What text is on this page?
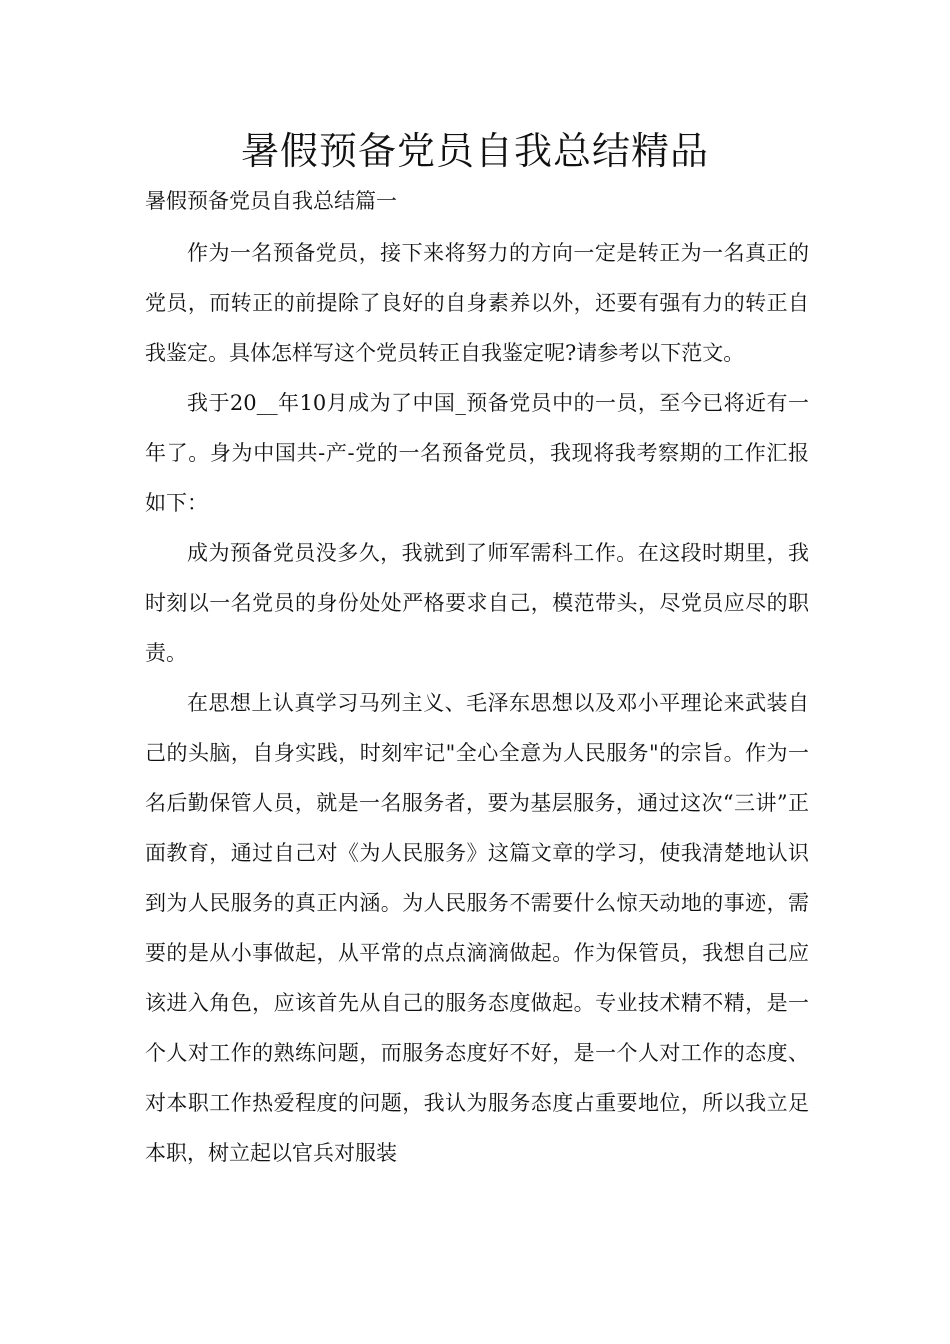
暑假预备党员自我总结精品
暑假预备党员自我总结篇一

作为一名预备党员，接下来将努力的方向一定是转正为一名真正的党员，而转正的前提除了良好的自身素养以外，还要有强有力的转正自我鉴定。具体怎样写这个党员转正自我鉴定呢?请参考以下范文。

我于20__年10月成为了中国_预备党员中的一员，至今已将近有一年了。身为中国共-产-党的一名预备党员，我现将我考察期的工作汇报如下：

成为预备党员没多久，我就到了师军需科工作。在这段时期里，我时刻以一名党员的身份处处严格要求自己，模范带头，尽党员应尽的职责。

在思想上认真学习马列主义、毛泽东思想以及邓小平理论来武装自己的头脑，自身实践，时刻牢记"全心全意为人民服务"的宗旨。作为一名后勤保管人员，就是一名服务者，要为基层服务，通过这次“三讲”正面教育，通过自己对《为人民服务》这篇文章的学习，使我清楚地认识到为人民服务的真正内涵。为人民服务不需要什么惊天动地的事迹，需要的是从小事做起，从平常的点点滴滴做起。作为保管员，我想自己应该进入角色，应该首先从自己的服务态度做起。专业技术精不精，是一个人对工作的熟练问题，而服务态度好不好，是一个人对工作的态度、对本职工作热爱程度的问题，我认为服务态度占重要地位，所以我立足本职，树立起以官兵对服装
